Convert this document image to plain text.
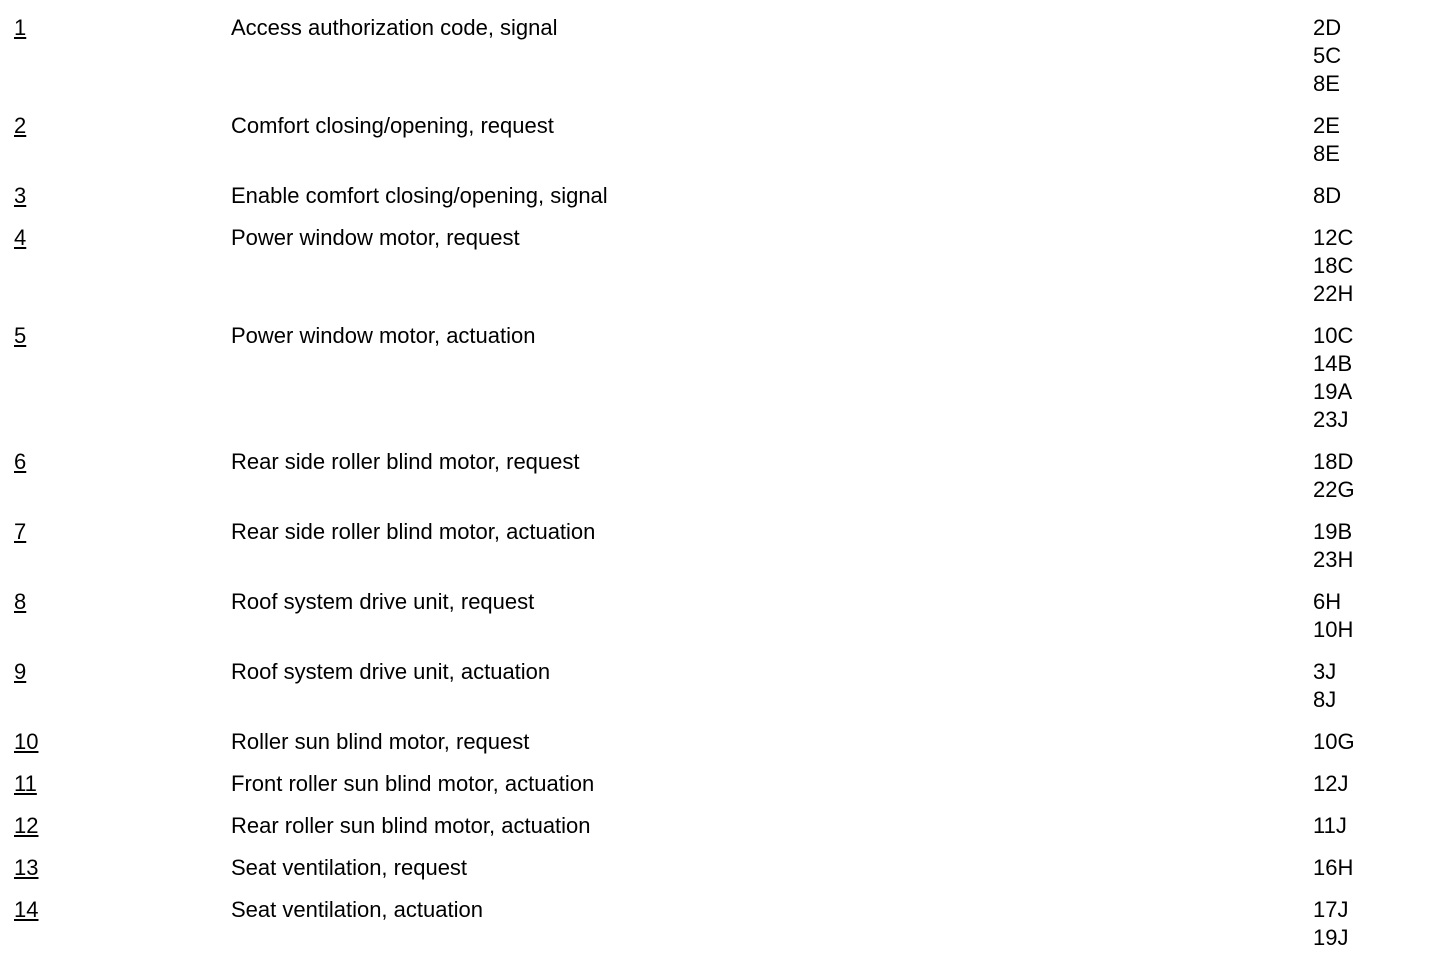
1	Access authorization code, signal	2D
5C
8E
2	Comfort closing/opening, request	2E
8E
3	Enable comfort closing/opening, signal	8D
4	Power window motor, request	12C
18C
22H
5	Power window motor, actuation	10C
14B
19A
23J
6	Rear side roller blind motor, request	18D
22G
7	Rear side roller blind motor, actuation	19B
23H
8	Roof system drive unit, request	6H
10H
9	Roof system drive unit, actuation	3J
8J
10	Roller sun blind motor, request	10G
11	Front roller sun blind motor, actuation	12J
12	Rear roller sun blind motor, actuation	11J
13	Seat ventilation, request	16H
14	Seat ventilation, actuation	17J
19J
